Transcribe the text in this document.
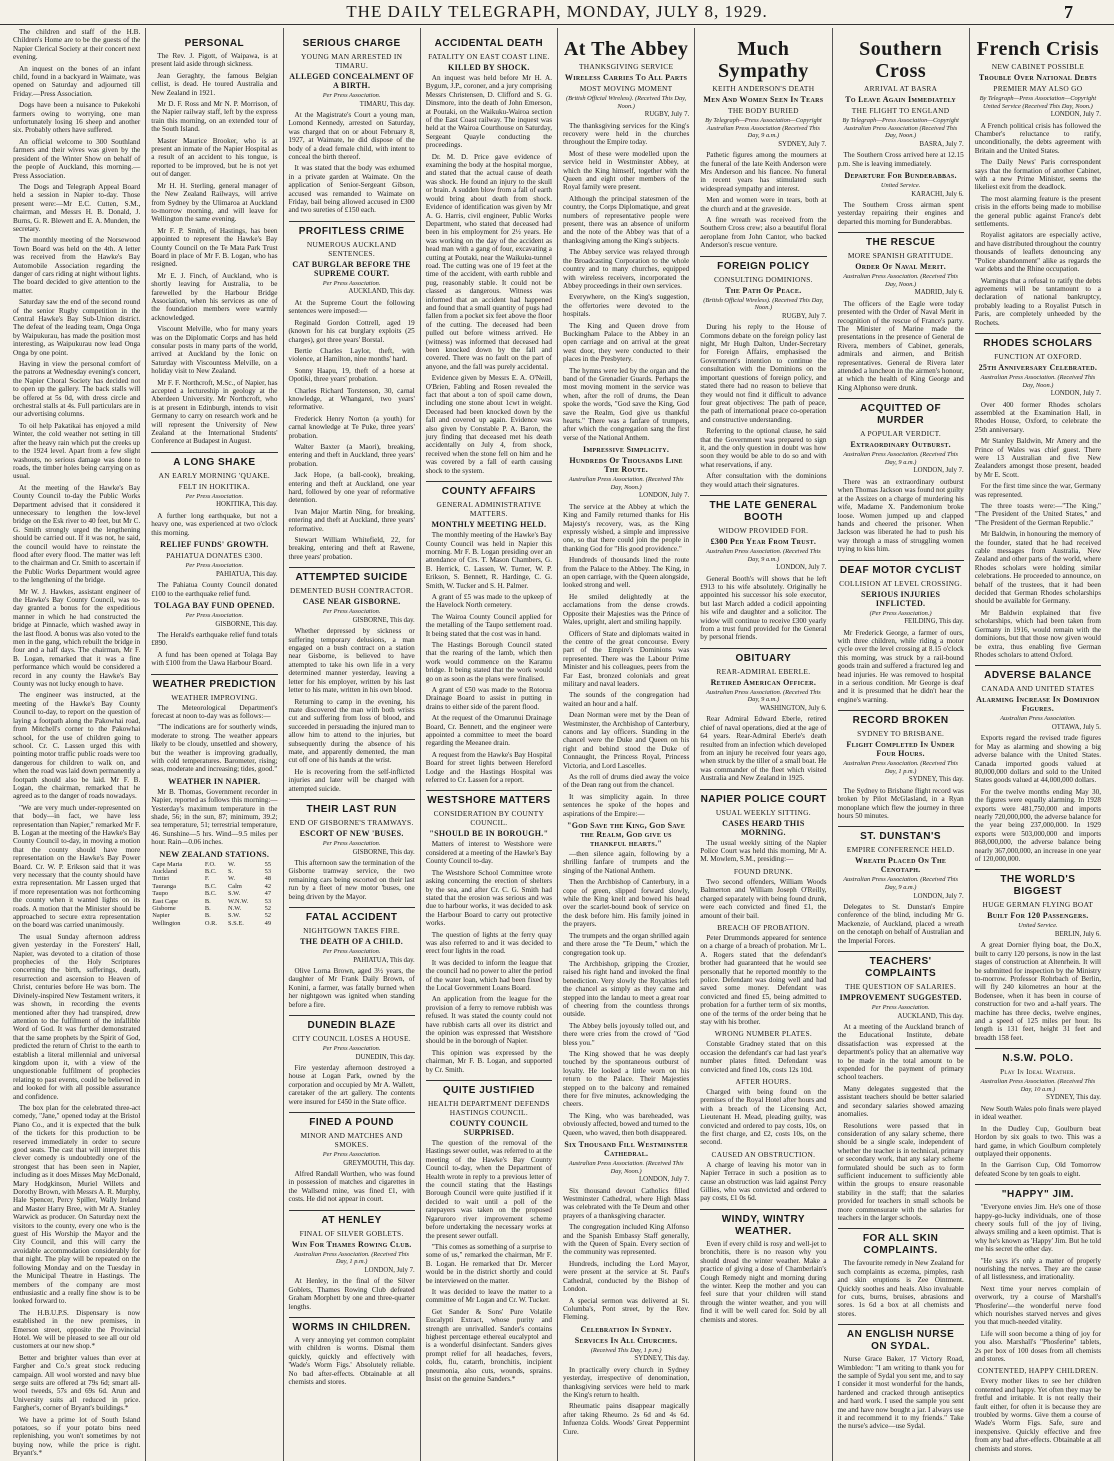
THE DAILY TELEGRAPH, MONDAY, JULY 8, 1929.	7

The children and staff of the H.B. Children's Home are to be the guests of the Napier Clerical Society at their concert next evening.

An inquest on the bones of an infant child, found in a backyard in Waimate, was opened on Saturday and adjourned till Friday.—Press Association.

Dogs have been a nuisance to Pukekohi farmers owing to worrying, one man unfortunately losing 16 sheep and another six. Probably others have suffered.

An official welcome to 300 Southland farmers and their wives was given by the president of the Winter Show on behalf of the people of Auckland, this morning.—Press Association.

The Dogs and Telegraph Appeal Board held a session in Napier to-day. Those present were:—Mr E.C. Cutten, S.M., chairman, and Messrs H. B. Donald, J. Burns, G. R. Blewett and E. A. Munden, the secretary.

The monthly meeting of the Norsewood Town Board was held on the 4th. A letter was received from the Hawke's Bay Automobile Association regarding the danger of cars riding at night without lights. The board decided to give attention to the matter.

Saturday saw the end of the second round of the senior Rugby competition in the Central Hawke's Bay Sub-Union district. The defeat of the leading team, Onga Onga by Waipukurau, has made the position most interesting, as Waipukurau now lead Onga Onga by one point.

Having in view the personal comfort of the patrons at Wednesday evening's concert, the Napier Choral Society has decided not to open up the gallery. The back stalls will be offered at 5s 0d, with dress circle and orchestral stalls at 4s. Full particulars are in our advertising columns.

To oil help Pakatikai has enjoyed a mild Winter, the cold weather not setting in till after the heavy rain which put the creeks up to the 1924 level. Apart from a few slight washouts, no serious damage was done to roads, the timber holes being carrying on as usual.

At the meeting of the Hawke's Bay County Council to-day the Public Works Department advised that it considered it unnecessary to lengthen the low-level bridge on the Esk river to 40 feet, but Mr C. G. Smith strongly urged the lengthening should be carried out. If it was not, he said, the council would have to reinstate the flood after every flood. The matter was left to the chairman and Cr. Smith to ascertain if the Public Works Department would agree to the lengthening of the bridge.

Mr W. J. Hawkes, assistant engineer of the Hawke's Bay County Council, was to-day granted a bonus for the expeditious manner in which he had constructed the bridge at Pinnacle, which washed away in the last flood. A bonus was also voted to the men in the gang, which rebuilt the bridge in four and a half days. The chairman, Mr F. B. Logan, remarked that it was a fine performance which would be considered a record in any county the Hawke's Bay County was not lucky enough to have.

The engineer was instructed, at the meeting of the Hawke's Bay County Council to-day, to report on the question of laying a footpath along the Pakowhai road, from Mitchell's corner to the Pakowhai school, for the use of children going to school. Cr. C. Lassen urged this with pointing motor traffic public roads were too dangerous for children to walk on, and when the road was laid down permanently a footpath should also be laid. Mr F. B. Logan, the chairman, remarked that he agreed as to the danger of roads nowadays.

"We are very much under-represented on that body—in fact, we have less representation than Napier," remarked Mr F. B. Logan at the meeting of the Hawke's Bay County Council to-day, in moving a motion that the county should have more representation on the Hawke's Bay Power Board. Cr. W. P. Erikson said that it was very necessary that the county should have extra representation. Mr Lassen urged that if more representation was not forthcoming the county when it wanted lights on its roads. A motion that the Minister should be approached to secure extra representation on the board was carried unanimously.

The usual Sunday afternoon address given yesterday in the Foresters' Hall, Napier, was devoted to a citation of those prophecies of the Holy Scriptures concerning the birth, sufferings, death, resurrection and ascension to Heaven of Christ, centuries before He was born. The Divinely-inspired New Testament writers, it was shown, in recording the events mentioned after they had transpired, drew attention to the fulfilment of the infallible Word of God. It was further demonstrated that the same prophets by the Spirit of God, predicted the return of Christ to the earth to establish a literal millennial and universal kingdom upon it, with a view of the unquestionable fulfilment of prophecies relating to past events, could be believed in and looked for with all possible assurance and confidence.

The box plan for the celebrated three-act comedy, "Jane," opened today at the Bristol Piano Co., and it is expected that the bulk of the tickets for this production to be reserved immediately in order to secure good seats. The cast that will interpret this clever comedy is undoubtedly one of the strongest that has been seen in Napier, including as it does Misses May McDonald, Mary Hodgkinson, Muriel Willets and Dorothy Brown, with Messrs A. R. Murphy, Hale Spencer, Percy Spiller, Wally Ireland and Master Harry Bree, with Mr A. Stanley Warwick as producer. On Saturday next the visitors to the county, every one who is the guest of His Worship the Mayor and the City Council, and this will carry the avoidable accommodation considerably for that night. The play will be repeated on the following Monday and on the Tuesday in the Municipal Theatre in Hastings. The members of the company are most enthusiastic and a really fine show is to be looked forward to.

The H.B.U.P.S. Dispensary is now established in the new premises, in Emerson street, opposite the Provincial Hotel. We will be pleased to see all our old customers at our new shop.*

Better and brighter values than ever at Fargher and Co.'s great stock reducing campaign. All wool worsted and navy blue serge suits are offered at 79s 6d; smart all-wool tweeds, 57s and 69s 6d. Arun and University suits all reduced in price. Fargher's, corner of Bryant's buildings.*

We have a prime lot of South Island potatoes, so if your potato bins need replenishing, you won't sometimes by not buying now, while the price is right. Bryant's.*

PERSONAL

The Rev. J. Pigott, of Waipawa, is at present laid aside through sickness.

Jean Geraghty, the famous Belgian cellist, is dead. He toured Australia and New Zealand in 1921.

Mr D. F. Ross and Mr N. P. Morrison, of the Napier railway staff, left by the express train this morning, on an extended tour of the South Island.

Master Maurice Brooker, who is at present an inmate of the Napier Hospital as a result of an accident to his tongue, is reported to be improved, but he is not yet out of danger.

Mr H. H. Sterling, general manager of the New Zealand Railways, will arrive from Sydney by the Ulimaroa at Auckland to-morrow morning, and will leave for Wellington the same evening.

Mr F. P. Smith, of Hastings, has been appointed to represent the Hawke's Bay County Council on the Te Mata Park Trust Board in place of Mr F. B. Logan, who has resigned.

Mr E. J. Finch, of Auckland, who is shortly leaving for Australia, to be farewelled by the Harbour Bridge Association, when his services as one of the foundation members were warmly acknowledged.

Viscount Melville, who for many years was on the Diplomatic Corps and has held consular posts in many parts of the world, arrived at Auckland by the Ionic on Saturday with Viscountess Melville, on a holiday visit to New Zealand.

Mr F. F. Northcroft, M.Sc., of Napier, has accepted a lectureship in geology at the Aberdeen University. Mr Northcroft, who is at present in Edinburgh, intends to visit Germany to carry on research work and he will represent the University of New Zealand at the International Students' Conference at Budapest in August.

A LONG SHAKE
AN EARLY MORNING 'QUAKE.
FELT IN HOKITIKA.
Per Press Association.
HOKITIKA, This day.

A further long earthquake, but not a heavy one, was experienced at two o'clock this morning.

RELIEF FUNDS' GROWTH.
PAHIATUA DONATES £300.
Per Press Association.
PAHIATUA, This day.

The Pahiatua County Council donated £100 to the earthquake relief fund.

TOLAGA BAY FUND OPENED.
Per Press Association.
GISBORNE, This day.

The Herald's earthquake relief fund totals £890.

A fund has been opened at Tolaga Bay with £100 from the Uawa Harbour Board.

WEATHER PREDICTION
WEATHER IMPROVING.

The Meteorological Department's forecast at noon to-day was as follows:—

"The indications are for southerly winds, moderate to strong. The weather appears likely to be cloudy, unsettled and showery, but the weather is improving gradually, with cold temperatures. Barometer, rising; seas, moderate and increasing; tides, good."

WEATHER IN NAPIER.

Mr B. Thomas, Government recorder in Napier, reported as follows this morning:— Yesterday's maximum temperature in the shade, 56; in the sun, 87; minimum, 39.2; sea temperature, 51; terrestrial temperature, 46. Sunshine—5 hrs. Wind—9.5 miles per hour. Rain—0.06 inches.

NEW ZEALAND STATIONS.
Cape Maria	F.O.	W.	55
Auckland	B.C.	S.	53
Tiritiri	F.	W.	48
Tauranga	B.C.	Calm	42
Taupo	B.C.	S.W.	47
East Cape	B.	W.N.W.	53
Gisborne	B.	N.W.	52
Napier	B.	S.W.	52
Wellington	O.R.	S.S.E.	49
SERIOUS CHARGE
YOUNG MAN ARRESTED IN TIMARU.
ALLEGED CONCEALMENT OF A BIRTH.
Per Press Association.
TIMARU, This day.

At the Magistrate's Court a young man, Lomond Kennedy, arrested on Saturday, was charged that on or about February 8, 1927, at Waimate, he did dispose of the body of a dead female child, with intent to conceal the birth thereof.

It was stated that the body was exhumed in a private garden at Waimate. On the application of Senior-Sergeant Gibson, accused was remanded to Waimate on Friday, bail being allowed accused in £300 and two sureties of £150 each.

PROFITLESS CRIME
NUMEROUS AUCKLAND SENTENCES.
CAT BURGLAR BEFORE THE SUPREME COURT.
Per Press Association.
AUCKLAND, This day.

At the Supreme Court the following sentences were imposed:—

Reginald Gordon Cottrell, aged 19 (known for his cat burglary exploits (25 charges), got three years' Borstal.

Bertie Charles Laylor, theft, with violence, at Hamilton, nine months' hard.

Sonny Haapu, 19, theft of a horse at Opotiki, three years' probation.

Charles Richard Torstenson, 30, carnal knowledge, at Whangarei, two years' reformative.

Frederick Henry Norton (a youth) for carnal knowledge at Te Puke, three years' probation.

Walter Baxter (a Maori), breaking, entering and theft in Auckland, three years' probation.

Jack Hope, (a ball-cook), breaking, entering and theft at Auckland, one year hard, followed by one year of reformative detention.

Ivan Major Martin Ning, for breaking, entering and theft at Auckland, three years' reformative.

Stewart William Whitefield, 22, for breaking, entering and theft at Rawene, three years' probation.

ATTEMPTED SUICIDE
DEMENTED BUSH CONTRACTOR.
CASE NEAR GISBORNE.
Per Press Association.
GISBORNE, This day.

Whether depressed by sickness or suffering temporary delusions, a man engaged on a bush contract on a station near Gisborne, is believed to have attempted to take his own life in a very determined manner yesterday, leaving a letter for his employer, written by his last letter to his mate, written in his own blood.

Returning to camp in the evening, his mate discovered the man with both wrists cut and suffering from loss of blood, and succeeded in persuading the injured man to allow him to attend to the injuries, but subsequently during the absence of his mate, and apparently demented, the man cut off one of his hands at the wrist.

He is recovering from the self-inflicted injuries and later will be charged with attempted suicide.

THEIR LAST RUN
END OF GISBORNE'S TRAMWAYS.
ESCORT OF NEW 'BUSES.
Per Press Association.
GISBORNE, This day.

This afternoon saw the termination of the Gisborne tramway service, the two remaining cars being escorted on their last run by a fleet of new motor 'buses, one being driven by the Mayor.

FATAL ACCIDENT
NIGHTGOWN TAKES FIRE.
THE DEATH OF A CHILD.
Per Press Association.
PAHIATUA, This day.

Olive Lorna Brown, aged 3½ years, the daughter of Mr Frank Daily Brown, of Konini, a farmer, was fatally burned when her nightgown was ignited when standing before a fire.

DUNEDIN BLAZE
CITY COUNCIL LOSES A HOUSE.
Per Press Association.
DUNEDIN, This day.

Fire yesterday afternoon destroyed a house at Logan Park, owned by the corporation and occupied by Mr A. Wallett, caretaker of the art gallery. The contents were insured for £450 in the State office.

FINED A POUND
MINOR AND MATCHES AND SMOKES.
Per Press Association.
GREYMOUTH, This day.

Alfred Randall Worthen, who was found in possession of matches and cigarettes in the Wallsend mine, was fined £1, with costs. He did not appear in court.

AT HENLEY
FINAL OF SILVER GOBLETS.
Win For Thames Rowing Club.
Australian Press Association. (Received This Day, 1 p.m.)
LONDON, July 7.

At Henley, in the final of the Silver Goblets, Thames Rowing Club defeated Graham Morphett by one and three-quarter lengths.

WORMS IN CHILDREN.

A very annoying yet common complaint with children is worms. Dismal them quickly, quickly and effectively with 'Wade's Worm Figs.' Absolutely reliable. No bad after-effects. Obtainable at all chemists and stores.

ACCIDENTAL DEATH
FATALITY ON EAST COAST LINE.
KILLED BY SHOCK.

An inquest was held before Mr H. A. Bygum, J.P., coroner, and a jury comprising Messrs Christensen, D. Clifford and S. G. Dinsmore, into the death of John Emerson, at Poutaki, on the Waikuku-Wairoa section of the East Coast railway. The inquest was held at the Wairoa Courthouse on Saturday, Sergeant Quayle conducting the proceedings.

Dr. M. D. Price gave evidence of examining the body at the hospital morgue, and stated that the actual cause of death was shock. He found an injury to the skull or brain. A sudden blow from a fall of earth would bring about death from shock. Evidence of identification was given by Mr A. G. Harris, civil engineer, Public Works Department, who stated that deceased had been in his employment for 2½ years. He was working on the day of the accident as head man with a gang of four, excavating a cutting at Poutaki, near the Waikuku-tunnel road. The cutting was one of 19 feet at the time of the accident, with earth rubble and pug, reasonably stable. It could not be classed as dangerous. Witness was informed that an accident had happened and found that a small quantity of pugs had fallen from a pocket six feet above the floor of the cutting. The deceased had been pulled out before witness arrived. He (witness) was informed that deceased had been knocked down by the fall and covered. There was no fault on the part of anyone, and the fall was purely accidental.

Evidence given by Messrs E. A. O'Neill, O'Brien, Fabling and Rosen revealed the fact that about a ton of spoil came down, including one stone about 1cwt in weight. Deceased had been knocked down by the fall and covered up again. Evidence was also given by Constable P. A. Baron, the jury finding that deceased met his death accidentally on July 4, from shock, received when the stone fell on him and he was covered by a fall of earth causing shock to the system.

COUNTY AFFAIRS
GENERAL ADMINISTRATIVE MATTERS.
MONTHLY MEETING HELD.

The monthly meeting of the Hawke's Bay County Council was held in Napier this morning. Mr F. B. Logan presiding over an attendance of Crs. T. Mason Chambers, G. B. Herrick, C. Lassen, W. Turner, W. P. Erikson, S. Bennett, R. Hardinge, C. G. Smith, W. Tucker and S. H. Palmer.

A grant of £5 was made to the upkeep of the Havelock North cemetery.

The Wairoa County Council applied for the metalling of the Taupo settlement road. It being stated that the cost was in hand.

The Hastings Borough Council stated that the rearing of the lamb, which then work would commence on the Karamu bridge. It being stated that the work would go on as soon as the plans were finalised.

A grant of £50 was made to the Rotorua Drainage Board to assist in putting in drains to either side of the parent flood.

At the request of the Omarunui Drainage Board, Cr. Bennett, and the engineer were appointed a committee to meet the board regarding the Meeanee drain.

A request from the Hawke's Bay Hospital Board for street lights between Hereford Lodge and the Hastings Hospital was referred to Cr. Lassen for a report.

WESTSHORE MATTERS
CONSIDERATION BY COUNTY COUNCIL.
"SHOULD BE IN BOROUGH."

Matters of interest to Westshore were considered at a meeting of the Hawke's Bay County Council to-day.

The Westshore School Committee wrote asking concerning the erection of shelters by the sea, and after Cr. C. G. Smith had stated that the erosion was serious and was due to harbour works, it was decided to ask the Harbour Board to carry out protective works.

The question of lights at the ferry quay was also referred to and it was decided to erect four lights in the road.

It was decided to inform the league that the council had no power to alter the period of the water loan, which had been fixed by the Local Government Loans Board.

An application from the league for the provision of a ferry to remove rubbish was refused. It was stated the county could not have rubbish carts all over its district and the opinion was expressed that Westshore should be in the borough of Napier.

This opinion was expressed by the chairman, Mr F. B. Logan, and supported by Cr. Smith.

QUITE JUSTIFIED
HEALTH DEPARTMENT DEFENDS HASTINGS COUNCIL.
COUNTY COUNCIL SURPRISED.

The question of the removal of the Hastings sewer outlet, was referred to at the meeting of the Hawke's Bay County Council to-day, when the Department of Health wrote in reply to a previous letter of the council stating that the Hastings Borough Council were quite justified if it decided to wait until a poll of the ratepayers was taken on the proposed Ngaruroro river improvement scheme before undertaking the necessary works at the present sewer outfall.

"This comes as something of a surprise to some of us," remarked the chairman, Mr F. B. Logan. He remarked that Dr. Mercer would be in the district shortly and could be interviewed on the matter.

It was decided to leave the matter to a committee of Mr Logan and Cr. W. Tucker.

Get Sander & Sons' Pure Volatile Eucalypti Extract, whose purity and strength are unrivalled. Sander's contains highest percentage ethereal eucalyptol and is a wonderful disinfectant. Sanders gives prompt relief for all headaches, fevers, colds, flu, catarrh, bronchitis, incipient pneumonia, also cuts, wounds, sprains. Insist on the genuine Sanders.*

At The Abbey
THANKSGIVING SERVICE
Wireless Carries To All Parts
MOST MOVING MOMENT
(British Official Wireless). (Received This Day, Noon.)
RUGBY, July 7.

The thanksgiving services for the King's recovery were held in the churches throughout the Empire today.

Most of these were modelled upon the service held in Westminster Abbey, at which the King himself, together with the Queen and eight other members of the Royal family were present.

Although the principal statesmen of the country, the Corps Diplomatique, and great numbers of representative people were present, there was an absence of uniform and the note of the Abbey was that of a thanksgiving among the King's subjects.

The Abbey service was relayed through the Broadcasting Corporation to the whole country and to many churches, equipped with wireless receivers, incorporated the Abbey proceedings in their own services.

Everywhere, on the King's suggestion, the offertories were devoted to the hospitals.

The King and Queen drove from Buckingham Palace to the Abbey in an open carriage and on arrival at the great west door, they were conducted to their places in the Presbytery.

The hymns were led by the organ and the band of the Grenadier Guards. Perhaps the most moving moment in the service was when, after the roll of drums, the Dean spoke the words, "God save the King, God save the Realm, God give us thankful hearts." There was a fanfare of trumpets, after which the congregation sang the first verse of the National Anthem.

Impressive Simplicity.
Hundreds Of Thousands Line The Route.
Australian Press Association. (Received This Day, Noon.)
LONDON, July 7.

The service at the Abbey at which the King and Family returned thanks for His Majesty's recovery, was, as the King expressly wished, a simple and impressive one, so that there could join the people in thanking God for "His good providence."

Hundreds of thousands lined the route from the Palace to the Abbey. The King, in an open carriage, with the Queen alongside, looked strong and well.

He smiled delightedly at the acclamations from the dense crowds. Opposite their Majesties was the Prince of Wales, upright, alert and smiling happily.

Officers of State and diplomats waited in the centre of the great concourse. Every part of the Empire's Dominions was represented. There was the Labour Prime Minister and his colleagues, peers from the Far East, bronzed colonials and great military and naval leaders.

The sounds of the congregation had waited an hour and a half.

Dean Norman were met by the Dean of Westminster, the Archbishop of Canterbury, canons and lay officers. Standing in the chancel were the Duke and Queen on his right and behind stood the Duke of Connaught, the Princess Royal, Princess Victoria, and Lord Lascelles.

As the roll of drums died away the voice of the Dean rang out from the chancel.

It was simplicity again. In three sentences he spoke of the hopes and aspirations of the Empire:—

"God Save the King, God Save the Realm, God give us thankful hearts."

—then silence again, following by a shrilling fanfare of trumpets and the singing of the National Anthem.

Then the Archbishop of Canterbury, in a cope of green, slipped forward slowly, while the King knelt and bowed his head over the scarlet-bound book of service on the desk before him. His family joined in the prayers.

The trumpets and the organ shrilled again and there arose the "Te Deum," which the congregation took up.

The Archbishop, gripping the Crozier, raised his right hand and invoked the final benediction. Very slowly the Royalties left the chancel as simply as they came and stepped into the landau to meet a great roar of cheering from the countless throngs outside.

The Abbey bells joyously tolled out, and there were cries from the crowd of "God bless you."

The King showed that he was deeply touched by the spontaneous outburst of loyalty. He looked a little worn on his return to the Palace. Their Majesties stepped on to the balcony and remained there for five minutes, acknowledging the cheers.

The King, who was bareheaded, was obviously affected, bowed and turned to the Queen, who waved, then both disappeared.

Six Thousand Fill Westminster Cathedral.
Australian Press Association. (Received This Day, Noon.)
LONDON, July 7.

Six thousand devout Catholics filled Westminster Cathedral, where High Mass was celebrated with the Te Deum and other prayers of a thanksgiving character.

The congregation included King Alfonso and the Spanish Embassy Staff generally, with the Queen of Spain. Every section of the community was represented.

Hundreds, including the Lord Mayor, were present at the service at St. Paul's Cathedral, conducted by the Bishop of London.

A special sermon was delivered at St. Columba's, Pont street, by the Rev. Fleming.

Celebration In Sydney.
Services In All Churches.
(Received This Day, 1 p.m.)
SYDNEY, This day.

In practically every church in Sydney yesterday, irrespective of denomination, thanksgiving services were held to mark the King's return to health.

Rheumatic pains disappear magically after taking Rheumo. 2s 6d and 4s 6d. Infuenza Colds. Woods' Great Peppermint Cure.

Much Sympathy
KEITH ANDERSON'S DEATH
Men And Women Seen In Tears
THE BODY BURIED
By Telegraph—Press Association—Copyright Australian Press Association (Received This Day, 9 a.m.)
SYDNEY, July 7.

Pathetic figures among the mourners at the funeral of the late Keith Anderson were Mrs Anderson and his fiancee. No funeral in recent years has stimulated such widespread sympathy and interest.

Men and women were in tears, both at the church and at the graveside.

A fine wreath was received from the Southern Cross crew; also a beautiful floral aeroplane from John Cantor, who backed Anderson's rescue venture.

FOREIGN POLICY
CONSULTING DOMINIONS.
The Path Of Peace.
(British Official Wireless). (Received This Day, Noon.)
RUGBY, July 7.

During his reply to the House of Commons debate on the foreign policy last night, Mr Hugh Dalton, Under-Secretary for Foreign Affairs, emphasised the Government's intention to continue the consultation with the Dominions on the important questions of foreign policy, and stated there had no reason to believe that they would not find it difficult to advance four great objectives: The path of peace, the path of international peace co-operation and constructive understanding.

Referring to the optional clause, he said that the Government was prepared to sign it, and the only question in doubt was how soon they would be able to do so and with what reservations, if any.

After consultation with the dominions they would attach their signatures.

THE LATE GENERAL BOOTH
WIDOW PROVIDED FOR.
£300 Per Year From Trust.
Australian Press Association. (Received This Day, 9 a.m.)
LONDON, July 7.

General Booth's will shows that he left £913 to his wife absolutely. Originally he appointed his successor his sole executor, but last March added a codicil appointing his wife and daughter and a solicitor. The widow will continue to receive £300 yearly from a trust fund provided for the General by personal friends.

OBITUARY
REAR-ADMIRAL EBERLE.
Retired American Officer.
Australian Press Association. (Received This Day, 9 a.m.)
WASHINGTON, July 6.

Rear Admiral Edward Eberle, retired chief of naval operations, died at the age of 64 years. Rear-Admiral Eberle's death resulted from an infection which developed from an injury he received four years ago, when struck by the tiller of a small boat. He was commander of the fleet which visited Australia and New Zealand in 1925.

NAPIER POLICE COURT
USUAL WEEKLY SITTING.
CASES HEARD THIS MORNING.

The usual weekly sitting of the Napier Police Court was held this morning, Mr A. M. Mowlem, S.M., presiding:—

FOUND DRUNK.

Two second offenders, William Woods Balmerton and William Joseph O'Reilly, charged separately with being found drunk, were each convicted and fined £1, the amount of their bail.

BREACH OF PROBATION.

Peter Drummonds appeared for sentence on a charge of a breach of probation. Mr L. A. Rogers stated that the defendant's brother had guaranteed that he would see personally that he reported monthly to the police. Defendant was doing well and had saved some money. Defendant was convicted and fined £5, being admitted to probation for a further term of six months, one of the terms of the order being that he stay with his brother.

WRONG NUMBER PLATES.

Constable Gradney stated that on this occasion the defendant's car had last year's number plates fitted. Defendant was convicted and fined 10s, costs 12s 10d.

AFTER HOURS.

Charged with being found on the premises of the Royal Hotel after hours and with a breach of the Licensing Act, Lieutenant H. Mead, pleading guilty, was convicted and ordered to pay costs, 10s, on the first charge, and £2, costs 10s, on the second.

CAUSED AN OBSTRUCTION.

A charge of leaving his motor van in Napier Terrace in such a position as to cause an obstruction was laid against Percy Gillies, who was convicted and ordered to pay costs, £1 0s 6d.

WINDY, WINTRY WEATHER.

Even if every child is rosy and well-jet to bronchitis, there is no reason why you should dread the winter weather. Make a practice of giving a dose of Chamberlain's Cough Remedy night and morning during the winter. Keep the mother and you can feel sure that your children will stand through the winter weather, and you will find it will be well cared for. Sold by all chemists and stores.

Southern Cross
ARRIVAL AT BASRA
To Leave Again Immediately
THE FLIGHT TO ENGLAND
By Telegraph—Press Association—Copyright Australian Press Association (Received This Day, Noon.)
BASRA, July 7.

The Southern Cross arrived here at 12.15 p.m. She is leaving immediately.

Departure For Bunderabbas.
United Service.
KARACHI, July 6.

The Southern Cross airman spent yesterday repairing their engines and departed this morning for Bunderabbas.

THE RESCUE
MORE SPANISH GRATITUDE.
Order Of Naval Merit.
Australian Press Association. (Received This Day, Noon.)
MADRID, July 6.

The officers of the Eagle were today presented with the Order of Naval Merit in recognition of the rescue of France's party. The Minister of Marine made the presentations in the presence of General de Rivera, members of Cabinet, generals, admirals and airmen, and British representatives. General de Rivera later attended a luncheon in the airmen's honour, at which the health of King George and King Alphonso were drunk.

ACQUITTED OF MURDER
A POPULAR VERDICT.
Extraordinary Outburst.
Australian Press Association. (Received This Day, 9 a.m.)
LONDON, July 7.

There was an extraordinary outburst when Thomas Jackson was found not guilty at the Assizes on a charge of murdering his wife, Madame X. Pandemonium broke loose. Women jumped up and clapped hands and cheered the prisoner. When Jackson was liberated he had to push his way through a mass of struggling women trying to kiss him.

DEAF MOTOR CYCLIST
COLLISION AT LEVEL CROSSING.
SERIOUS INJURIES INFLICTED.
(Per Press Association.)
FEILDING, This day.

Mr Frederick George, a farmer of ours, with three children, while riding a motor cycle over the level crossing at 8.15 o'clock this morning, was struck by a rail-bound goods train and suffered a fractured leg and head injuries. He was removed to hospital in a serious condition. Mr George is deaf and it is presumed that he didn't hear the engine's warning.

RECORD BROKEN
SYDNEY TO BRISBANE.
Flight Completed In Under Four Hours.
Australian Press Association. (Received This Day, 1 p.m.)
SYDNEY, This day.

The Sydney to Brisbane flight record was broken by Pilot McGlasland, in a Ryan monoplane which flew the journey in three hours 50 minutes.

ST. DUNSTAN'S
EMPIRE CONFERENCE HELD.
Wreath Placed On The Cenotaph.
Australian Press Association. (Received This Day, 9 a.m.)
LONDON, July 7.

Delegates to St. Dunstan's Empire conference of the blind, including Mr G. Mackenzie, of Auckland, placed a wreath on the cenotaph on behalf of Australian and the Imperial Forces.

TEACHERS' COMPLAINTS
THE QUESTION OF SALARIES.
IMPROVEMENT SUGGESTED.
Per Press Association.
AUCKLAND, This day.

At a meeting of the Auckland branch of the Educational Institute, debate dissatisfaction was expressed at the department's policy that an alternative way to be made in the total amount to be expended for the payment of primary school teachers.

Many delegates suggested that the assistant teachers should be better salaried and secondary salaries showed amazing anomalies.

Resolutions were passed that in consideration of any salary scheme, there should be a single scale, independent of whether the teacher is in technical, primary or secondary work, that any salary scheme formulated should be such as to form sufficient inducement to sufficiently able within the groups to ensure reasonable stability in the staff; that the salaries provided for teachers in small schools be more commensurate with the salaries for teachers in the larger schools.

FOR ALL SKIN COMPLAINTS.

The favourite remedy in New Zealand for such complaints as eczema, pimples, rash and skin eruptions is Zee Ointment. Quickly soothes and heals. Also invaluable for cuts, burns, bruises, abrasions and sores. 1s 6d a box at all chemists and stores.

AN ENGLISH NURSE ON SYDAL.

Nurse Grace Baker, 17 Victory Road, Wimbledon: "I am writing to thank you for the sample of Sydal you sent me, and to say I consider it most wonderful for the hands, hardened and cracked through antiseptics and hard work. I used the sample you sent me and have now bought a jar. I always use it and recommend it to my friends." Take the nurse's advice—use Sydal.

French Crisis
NEW CABINET POSSIBLE
Trouble Over National Debts
PREMIER MAY ALSO GO
By Telegraph—Press Association—Copyright United Service (Received This Day, Noon.)
LONDON, July 7.

A French political crisis has followed the Chamber's reluctance to ratify, unconditionally, the debts agreement with Britain and the United States.

The Daily News' Paris correspondent says that the formation of another Cabinet, with a new Prime Minister, seems the likeliest exit from the deadlock.

The most alarming feature is the present crisis in the efforts being made to mobilise the general public against France's debt settlements.

Royalist agitators are especially active, and have distributed throughout the country thousands of leaflets denouncing any "Police abandonment" alike as regards the war debts and the Rhine occupation.

Warnings that a refusal to ratify the debts agreements will be tantamount to a declaration of national bankruptcy, probably leading to a Royalist Putsch in Paris, are completely unheeded by the Rochets.

RHODES SCHOLARS
FUNCTION AT OXFORD.
25th Anniversary Celebrated.
Australian Press Association. (Received This Day, Noon.)
LONDON, July 7.

Over 400 former Rhodes scholars assembled at the Examination Hall, in Rhodes House, Oxford, to celebrate the 25th anniversary.

Mr Stanley Baldwin, Mr Amery and the Prince of Wales was chief guest. There were 13 Australian and five New Zealanders amongst those present, headed by Mr E. Scott.

For the first time since the war, Germany was represented.

The three toasts were:—"The King," "The President of the United States," and "The President of the German Republic."

Mr Baldwin, in honouring the memory of the founder, stated that he had received cable messages from Australia, New Zealand and other parts of the world, where Rhodes scholars were holding similar celebrations. He proceeded to announce, on behalf of the trustees, that it had been decided that German Rhodes scholarships should be available for Germany.

Mr Baldwin explained that five scholarships, which had been taken from Germany in 1916, would remain with the dominions, but that those now given would be extra, thus enabling five German Rhodes scholars to attend Oxford.

ADVERSE BALANCE
CANADA AND UNITED STATES
Alarming Increase In Dominion Figures.
Australian Press Association.
OTTAWA, July 5.

Exports regard the revised trade figures for May as alarming and showing a big adverse balance with the United States. Canada imported goods valued at 80,000,000 dollars and sold to the United States goods valued at 44,000,000 dollars.

For the twelve months ending May 30, the figures were equally alarming. In 1928 exports were 481,750,000 and imports nearly 720,000,000, the adverse balance for the year being 237,000,000. In 1929 exports were 503,000,000 and imports 868,000,000, the adverse balance being nearly 367,000,000, an increase in one year of 120,000,000.

THE WORLD'S BIGGEST
HUGE GERMAN FLYING BOAT
Built For 120 Passengers.
United Service.
BERLIN, July 6.

A great Dornier flying boat, the Do.X, built to carry 120 persons, is now in the last stages of construction at Altenrhein. It will be submitted for inspection by the Ministry to-morrow. Professor Rohrbach of Berlin, will fly 240 kilometres an hour at the Bodensee, when it has been in course of construction for two and a-half years. The machine has three decks, twelve engines, and a speed of 125 miles per hour. Its length is 131 feet, height 31 feet and breadth 158 feet.

N.S.W. POLO.
Play In Ideal Weather.
Australian Press Association. (Received This Day, 10 a.m.)
SYDNEY, This day.

New South Wales polo finals were played in ideal weather.

In the Dudley Cup, Goulburn beat Hordon by six goals to two. This was a hard game, in which Goulburn completely outplayed their opponents.

In the Garrison Cup, Old Tomorrow defeated Scone by ten goals to eight.

"HAPPY" JIM.

"Everyone envies Jim. He's one of those happy-go-lucky individuals, one of those cheery souls full of the joy of living, always smiling and a keen optimist. That is why he's known as 'Happy' Jim. But he told me his secret the other day.

"He says it's only a matter of properly nourishing the nerves. They are the cause of all listlessness, and irrationality.

Next time your nerves complain of overwork, try a course of Marshall's 'Phosferine'—the wonderful nerve food which nourishes starved nerves and gives you that much-needed vitality.

Life will soon become a thing of joy for you also. Marshall's "Phosferine" tablets, 2s per box of 100 doses from all chemists and stores.

CONTENTED, HAPPY CHILDREN.

Every mother likes to see her children contented and happy. Yet often they may be fretful and irritable. It is not really their fault either, for often it is because they are troubled by worms. Give them a course of Wade's Worm Figs. Safe, sure and inexpensive. Quickly effective and free from any bad after-effects. Obtainable at all chemists and stores.
